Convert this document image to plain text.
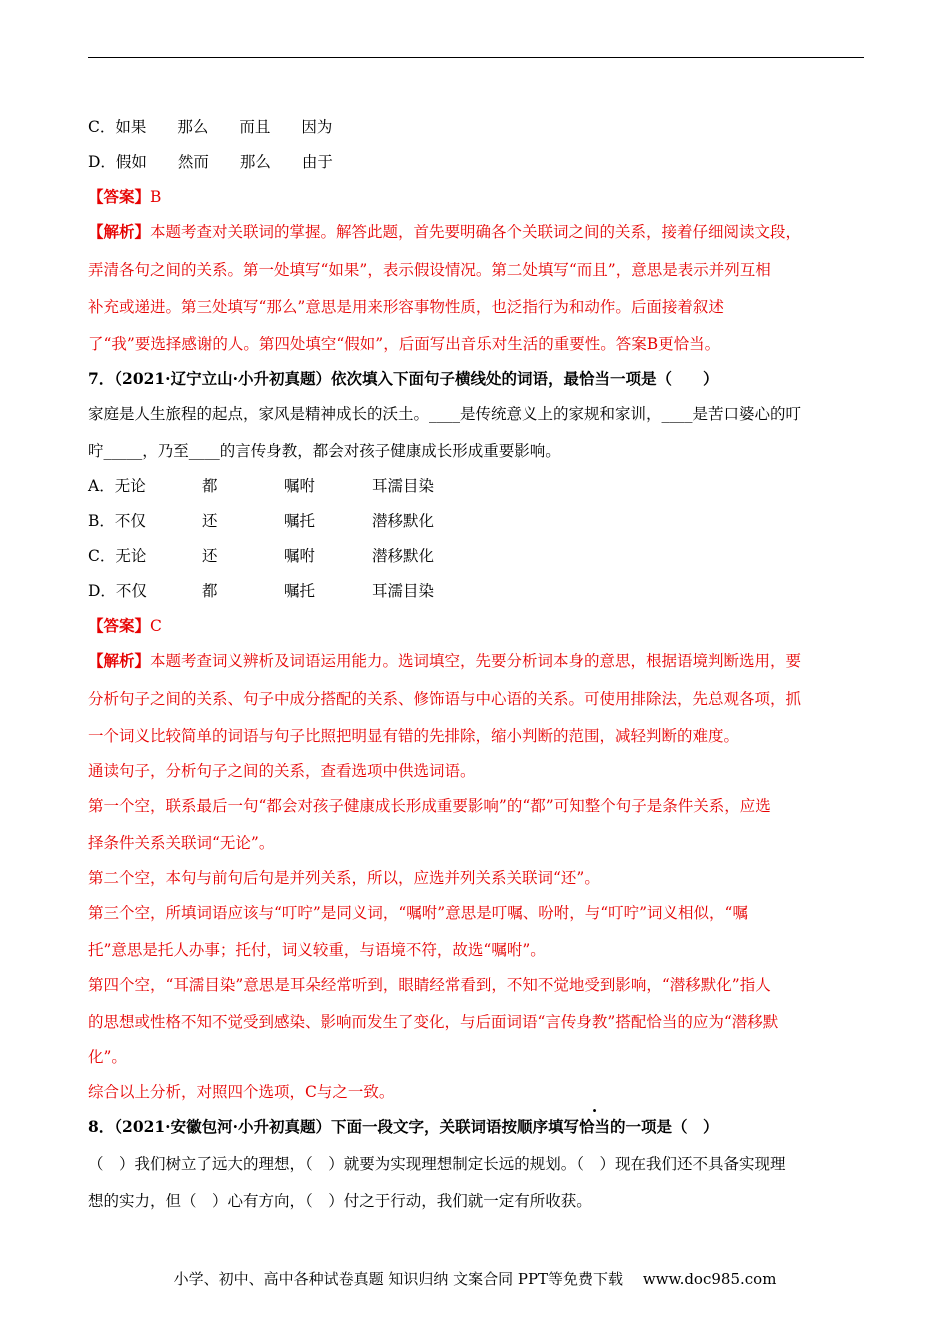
C．如果　　那么　　而且　　因为
D．假如　　然而　　那么　　由于
【答案】B
【解析】本题考查对关联词的掌握。解答此题，首先要明确各个关联词之间的关系，接着仔细阅读文段，
弄清各句之间的关系。第一处填写“如果”，表示假设情况。第二处填写“而且”，意思是表示并列互相
补充或递进。第三处填写“那么”意思是用来形容事物性质，也泛指行为和动作。后面接着叙述
了“我”要选择感谢的人。第四处填空“假如”，后面写出音乐对生活的重要性。答案B更恰当。
7．（2021·辽宁立山·小升初真题）依次填入下面句子横线处的词语，最恰当一项是（　　）
家庭是人生旅程的起点，家风是精神成长的沃土。____是传统意义上的家规和家训，____是苦口婆心的叮
咛_____，乃至____的言传身教，都会对孩子健康成长形成重要影响。
A．无论	都	嘱咐	耳濡目染
B．不仅	还	嘱托	潜移默化
C．无论	还	嘱咐	潜移默化
D．不仅	都	嘱托	耳濡目染
【答案】C
【解析】本题考查词义辨析及词语运用能力。选词填空，先要分析词本身的意思，根据语境判断选用，要
分析句子之间的关系、句子中成分搭配的关系、修饰语与中心语的关系。可使用排除法，先总观各项，抓
一个词义比较简单的词语与句子比照把明显有错的先排除，缩小判断的范围，减轻判断的难度。
通读句子，分析句子之间的关系，查看选项中供选词语。
第一个空，联系最后一句“都会对孩子健康成长形成重要影响”的“都”可知整个句子是条件关系，应选
择条件关系关联词“无论”。
第二个空，本句与前句后句是并列关系，所以，应选并列关系关联词“还”。
第三个空，所填词语应该与“叮咛”是同义词，“嘱咐”意思是叮嘱、吩咐，与“叮咛”词义相似，“嘱
托”意思是托人办事；托付，词义较重，与语境不符，故选“嘱咐”。
第四个空，“耳濡目染”意思是耳朵经常听到，眼睛经常看到，不知不觉地受到影响，“潜移默化”指人
的思想或性格不知不觉受到感染、影响而发生了变化，与后面词语“言传身教”搭配恰当的应为“潜移默
化”。
综合以上分析，对照四个选项，C与之一致。
8．（2021·安徽包河·小升初真题）下面一段文字，关联词语按顺序填写恰当的一项是（　）
（　）我们树立了远大的理想，（　）就要为实现理想制定长远的规划。（　）现在我们还不具备实现理
想的实力，但（　）心有方向，（　）付之于行动，我们就一定有所收获。
小学、初中、高中各种试卷真题 知识归纳 文案合同 PPT等免费下载　 www.doc985.com
